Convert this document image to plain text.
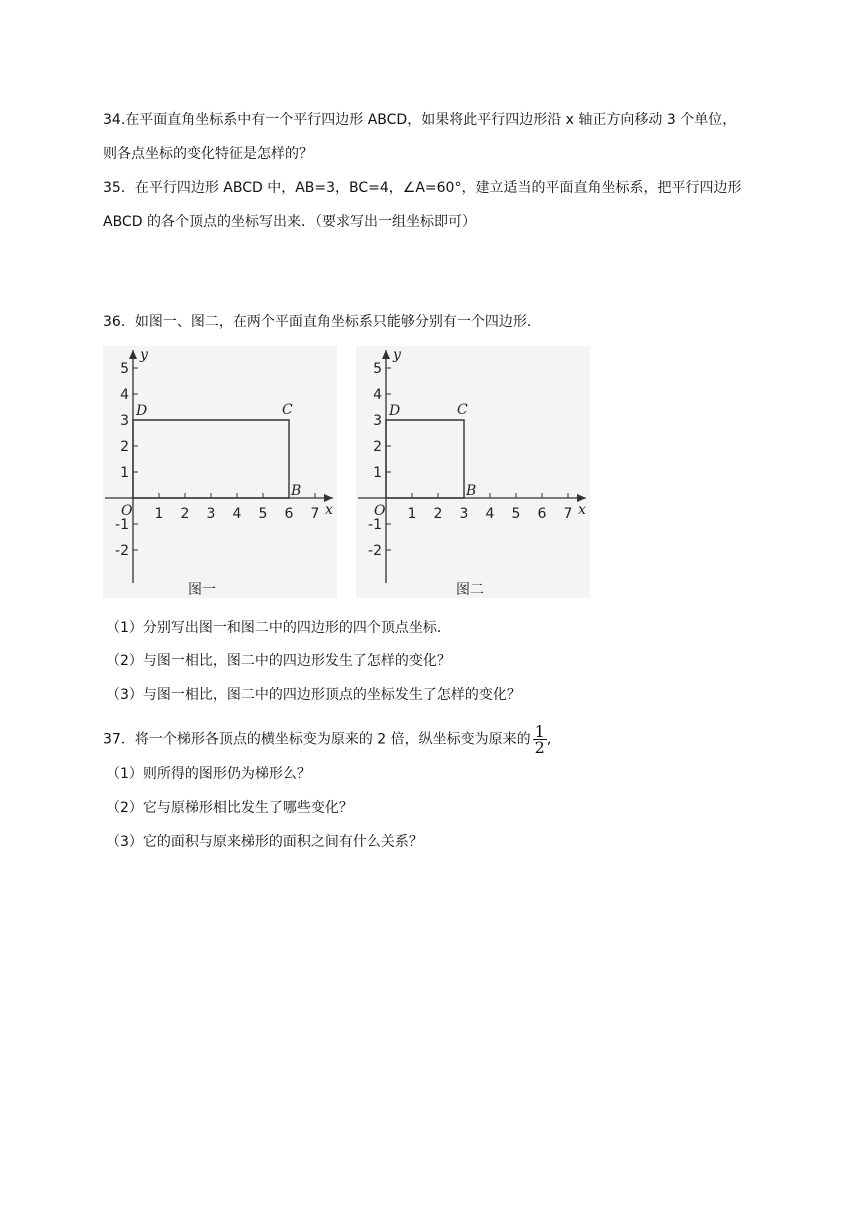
34.在平面直角坐标系中有一个平行四边形 ABCD，如果将此平行四边形沿 x 轴正方向移动 3 个单位，
则各点坐标的变化特征是怎样的？
35．在平行四边形 ABCD 中，AB=3，BC=4，∠A=60°，建立适当的平面直角坐标系，把平行四边形
ABCD 的各个顶点的坐标写出来．（要求写出一组坐标即可）
36．如图一、图二，在两个平面直角坐标系只能够分别有一个四边形．
1 2 3 4 5 6 7
5
4
3
2
1
-1
-2
x
y
O
D	C
B
图一
1 2 3 4 5 6 7
5
4
3
2
1
-1
-2
x
y
O
D	C
B
图二
（1）分别写出图一和图二中的四边形的四个顶点坐标．
（2）与图一相比，图二中的四边形发生了怎样的变化？
（3）与图一相比，图二中的四边形顶点的坐标发生了怎样的变化？
37．将一个梯形各顶点的横坐标变为原来的 2 倍，纵坐标变为原来的 $\frac{1}{2}$ ,
（1）则所得的图形仍为梯形么？
（2）它与原梯形相比发生了哪些变化？
（3）它的面积与原来梯形的面积之间有什么关系？
